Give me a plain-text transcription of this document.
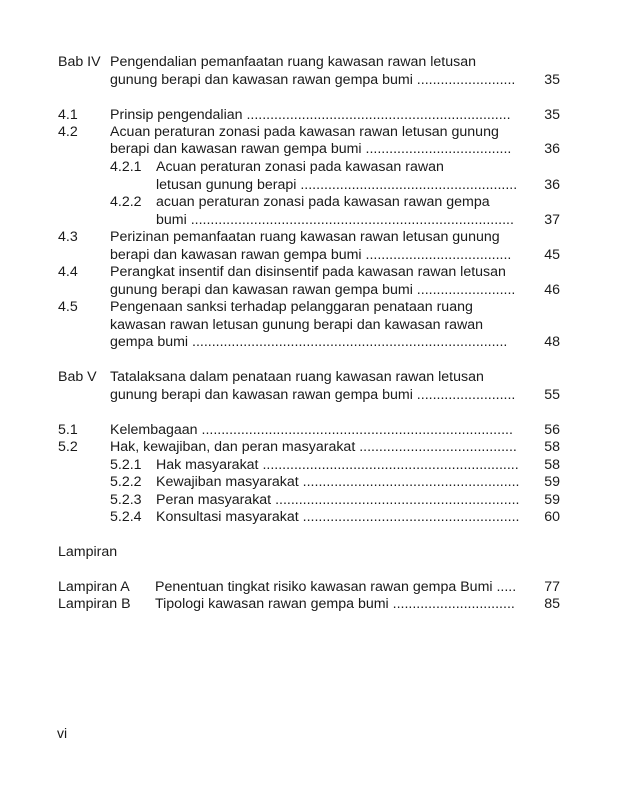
Bab IV Pengendalian pemanfaatan ruang kawasan rawan letusan
gunung berapi dan kawasan rawan gempa bumi .........................	35
4.1 Prinsip pengendalian ...................................................................	35
4.2 Acuan peraturan zonasi pada kawasan rawan letusan gunung
berapi dan kawasan rawan gempa bumi .....................................	36
4.2.1 Acuan peraturan zonasi pada kawasan rawan
letusan gunung berapi .......................................................	36
4.2.2 acuan peraturan zonasi pada kawasan rawan gempa
bumi ..................................................................................	37
4.3 Perizinan pemanfaatan ruang kawasan rawan letusan gunung
berapi dan kawasan rawan gempa bumi .....................................	45
4.4 Perangkat insentif dan disinsentif pada kawasan rawan letusan
gunung berapi dan kawasan rawan gempa bumi .........................	46
4.5 Pengenaan sanksi terhadap pelanggaran penataan ruang
kawasan rawan letusan gunung berapi dan kawasan rawan
gempa bumi ................................................................................	48
Bab V Tatalaksana dalam penataan ruang kawasan rawan letusan
gunung berapi dan kawasan rawan gempa bumi .........................	55
5.1 Kelembagaan ...............................................................................	56
5.2 Hak, kewajiban, dan peran masyarakat ........................................	58
5.2.1 Hak masyarakat .................................................................	58
5.2.2 Kewajiban masyarakat .......................................................	59
5.2.3 Peran masyarakat ..............................................................	59
5.2.4 Konsultasi masyarakat .......................................................	60
Lampiran
Lampiran A Penentuan tingkat risiko kawasan rawan gempa Bumi .....	77
Lampiran B Tipologi kawasan rawan gempa bumi ...............................	85
vi
